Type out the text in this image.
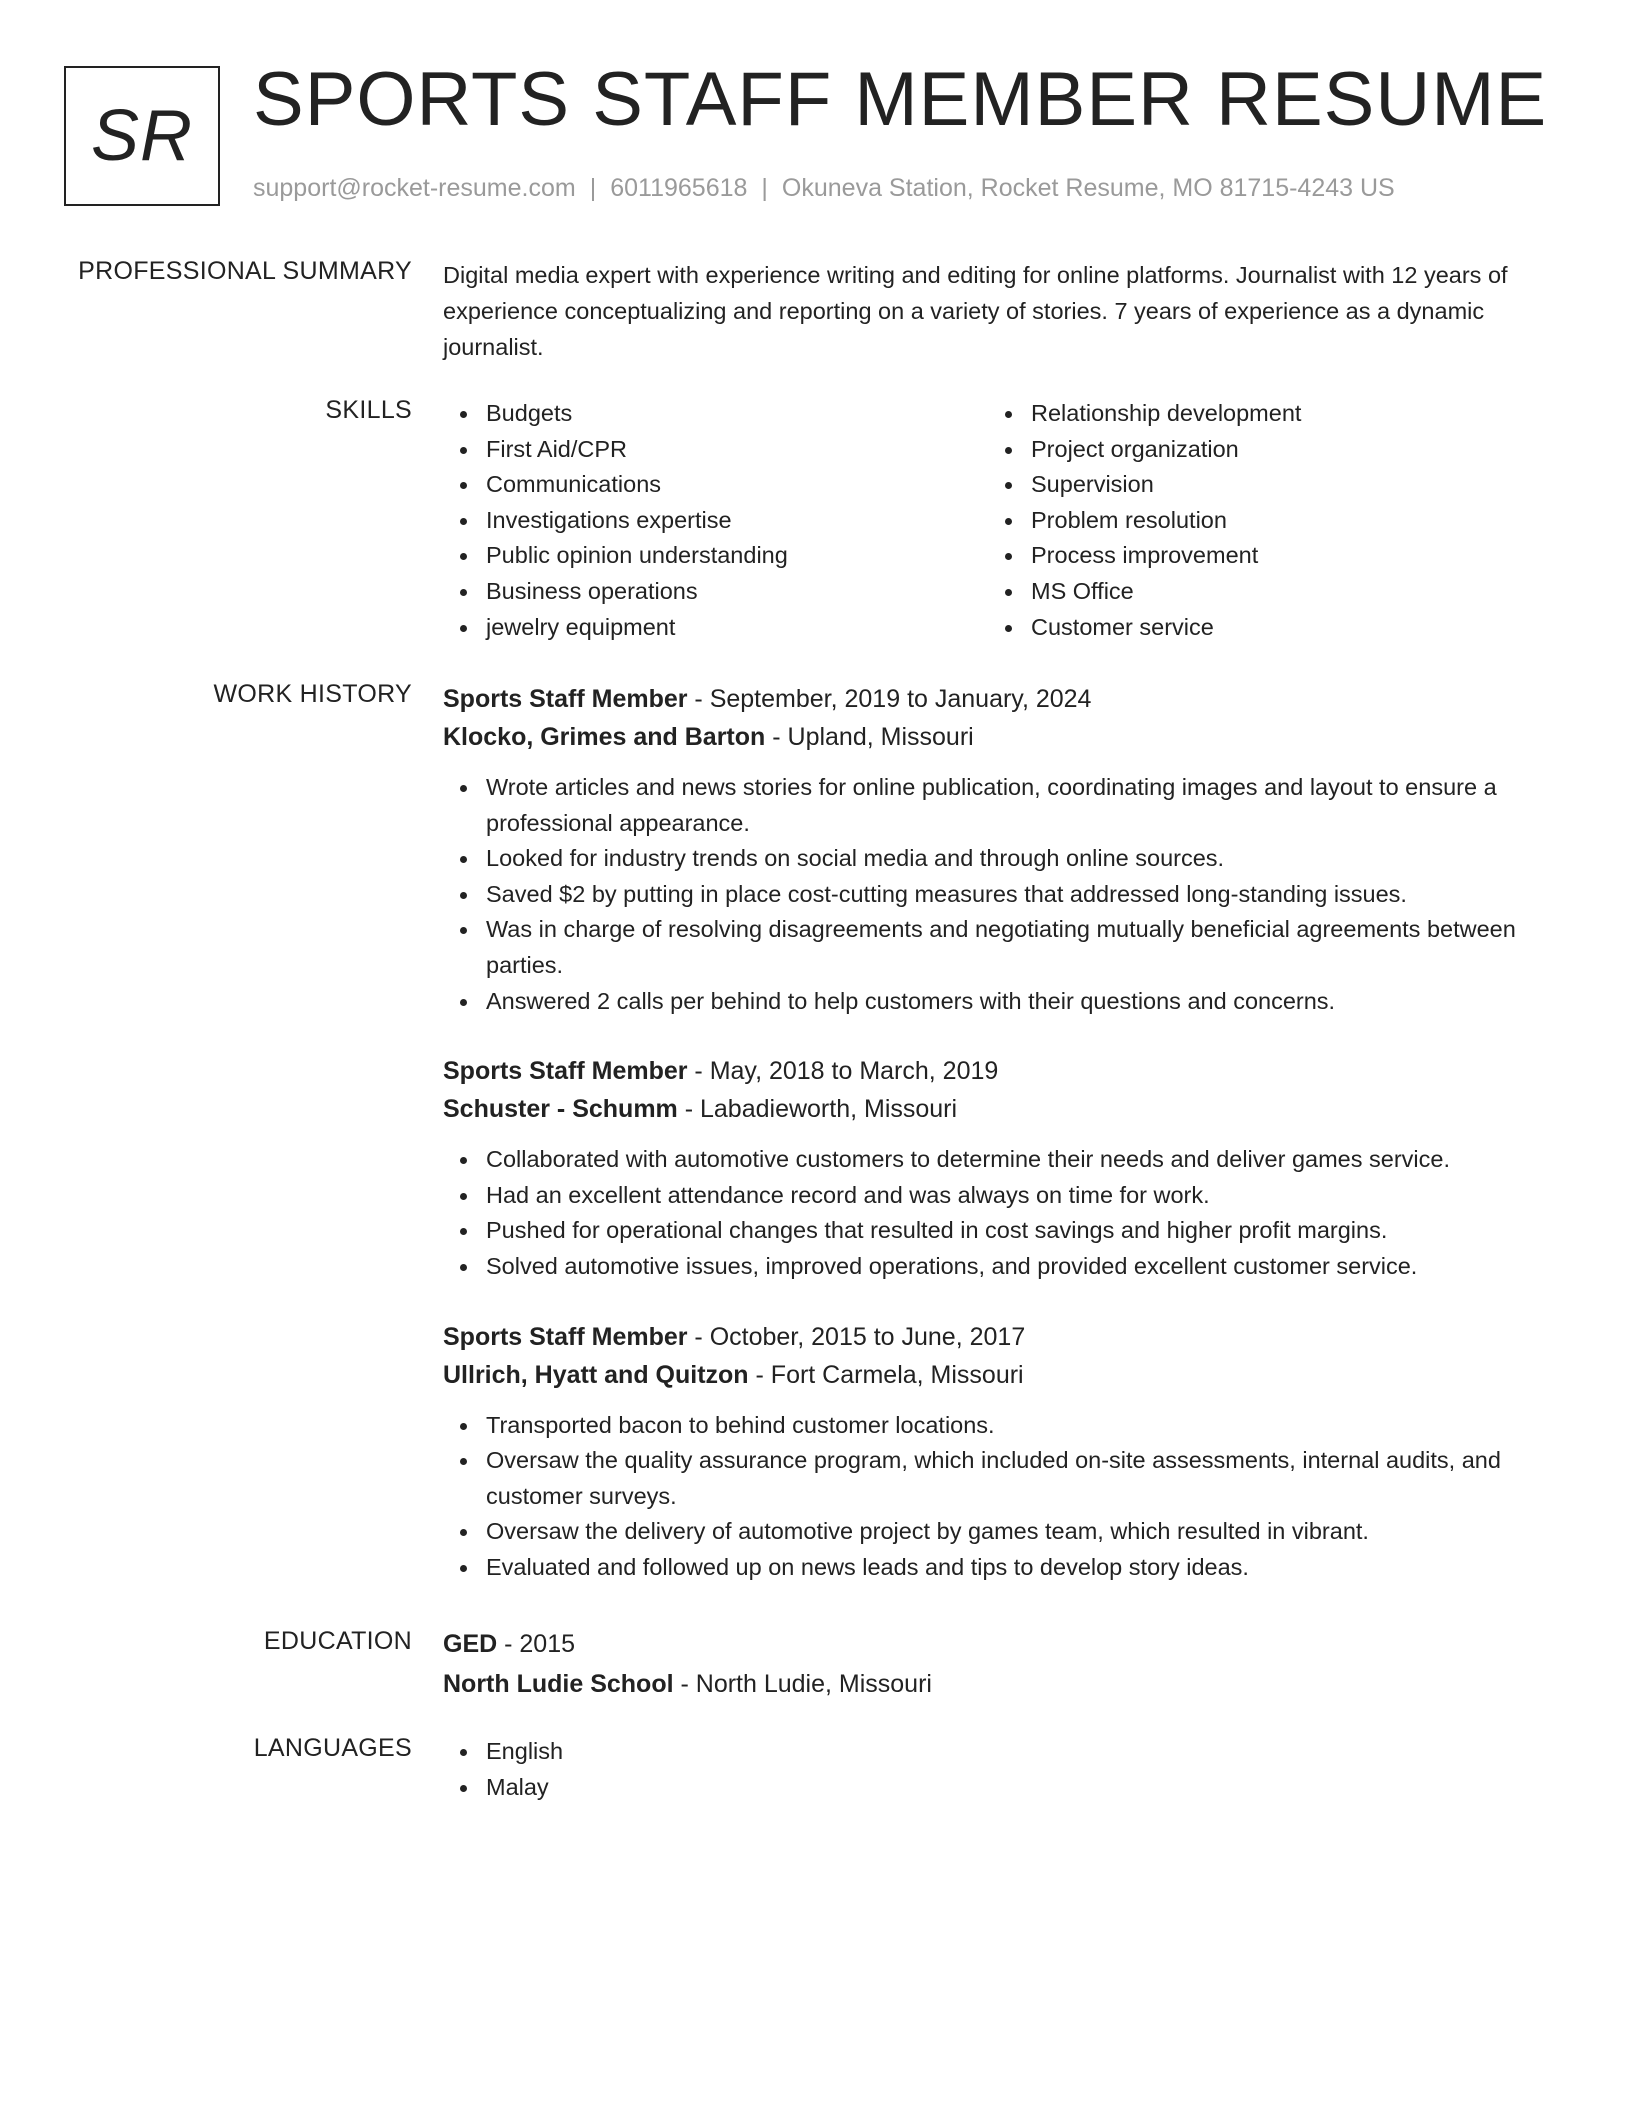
SR SPORTS STAFF MEMBER RESUME
support@rocket-resume.com | 6011965618 | Okuneva Station, Rocket Resume, MO 81715-4243 US
PROFESSIONAL SUMMARY Digital media expert with experience writing and editing for online platforms. Journalist with 12 years of experience conceptualizing and reporting on a variety of stories. 7 years of experience as a dynamic journalist.

SKILLS	Budgets
First Aid/CPR
Communications
Investigations expertise
Public opinion understanding
Business operations
jewelry equipment
Relationship development
Project organization
Supervision
Problem resolution
Process improvement
MS Office
Customer service
WORK HISTORY Sports Staff Member - September, 2019 to January, 2024
Klocko, Grimes and Barton - Upland, Missouri
Wrote articles and news stories for online publication, coordinating images and layout to ensure a professional appearance.
Looked for industry trends on social media and through online sources.
Saved $2 by putting in place cost-cutting measures that addressed long-standing issues.
Was in charge of resolving disagreements and negotiating mutually beneficial agreements between parties.
Answered 2 calls per behind to help customers with their questions and concerns.
Sports Staff Member - May, 2018 to March, 2019
Schuster - Schumm - Labadieworth, Missouri
Collaborated with automotive customers to determine their needs and deliver games service.
Had an excellent attendance record and was always on time for work.
Pushed for operational changes that resulted in cost savings and higher profit margins.
Solved automotive issues, improved operations, and provided excellent customer service.
Sports Staff Member - October, 2015 to June, 2017
Ullrich, Hyatt and Quitzon - Fort Carmela, Missouri
Transported bacon to behind customer locations.
Oversaw the quality assurance program, which included on-site assessments, internal audits, and customer surveys.
Oversaw the delivery of automotive project by games team, which resulted in vibrant.
Evaluated and followed up on news leads and tips to develop story ideas.
EDUCATION GED - 2015
North Ludie School - North Ludie, Missouri
LANGUAGES	English
Malay
